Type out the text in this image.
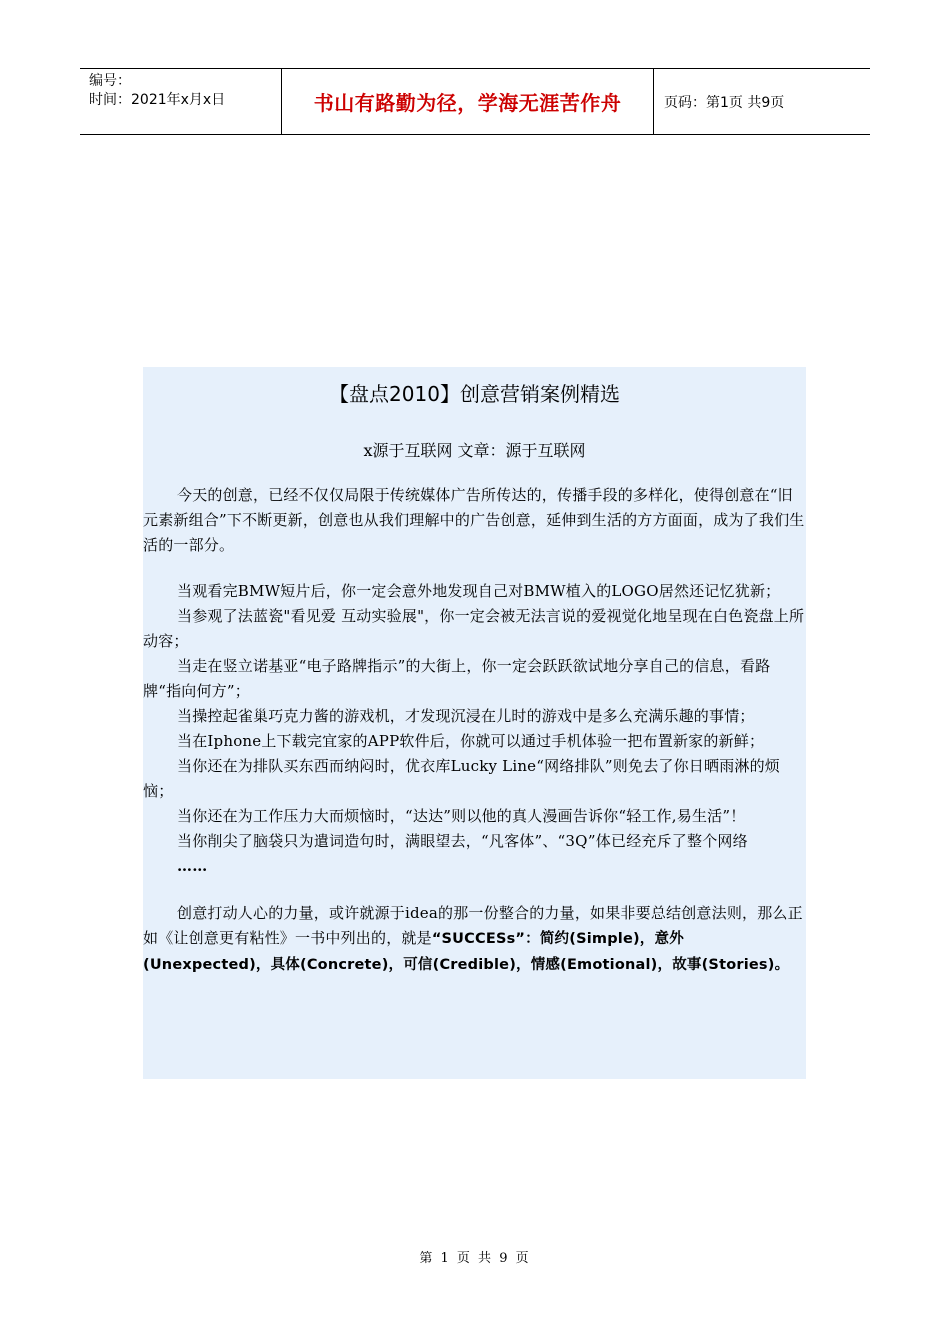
编号：
时间：2021年x月x日	书山有路勤为径，学海无涯苦作舟	页码：第1页 共9页

【盘点2010】创意营销案例精选

x源于互联网 文章：源于互联网

今天的创意，已经不仅仅局限于传统媒体广告所传达的，传播手段的多样化，使得创意在“旧元素新组合”下不断更新，创意也从我们理解中的广告创意，延伸到生活的方方面面，成为了我们生活的一部分。

当观看完BMW短片后，你一定会意外地发现自己对BMW植入的LOGO居然还记忆犹新；

当参观了法蓝瓷"看见爱 互动实验展"，你一定会被无法言说的爱视觉化地呈现在白色瓷盘上所动容；

当走在竖立诺基亚“电子路牌指示”的大街上，你一定会跃跃欲试地分享自己的信息，看路牌“指向何方”；

当操控起雀巢巧克力酱的游戏机，才发现沉浸在儿时的游戏中是多么充满乐趣的事情；

当在Iphone上下载完宜家的APP软件后，你就可以通过手机体验一把布置新家的新鲜；

当你还在为排队买东西而纳闷时，优衣库Lucky Line“网络排队”则免去了你日晒雨淋的烦恼；

当你还在为工作压力大而烦恼时，“达达”则以他的真人漫画告诉你“轻工作,易生活”！

当你削尖了脑袋只为遣词造句时，满眼望去，“凡客体”、“3Q”体已经充斥了整个网络

……

创意打动人心的力量，或许就源于idea的那一份整合的力量，如果非要总结创意法则，那么正如《让创意更有粘性》一书中列出的，就是“SUCCESs”：简约(Simple)，意外(Unexpected)，具体(Concrete)，可信(Credible)，情感(Emotional)，故事(Stories)。

第 1 页 共 9 页
